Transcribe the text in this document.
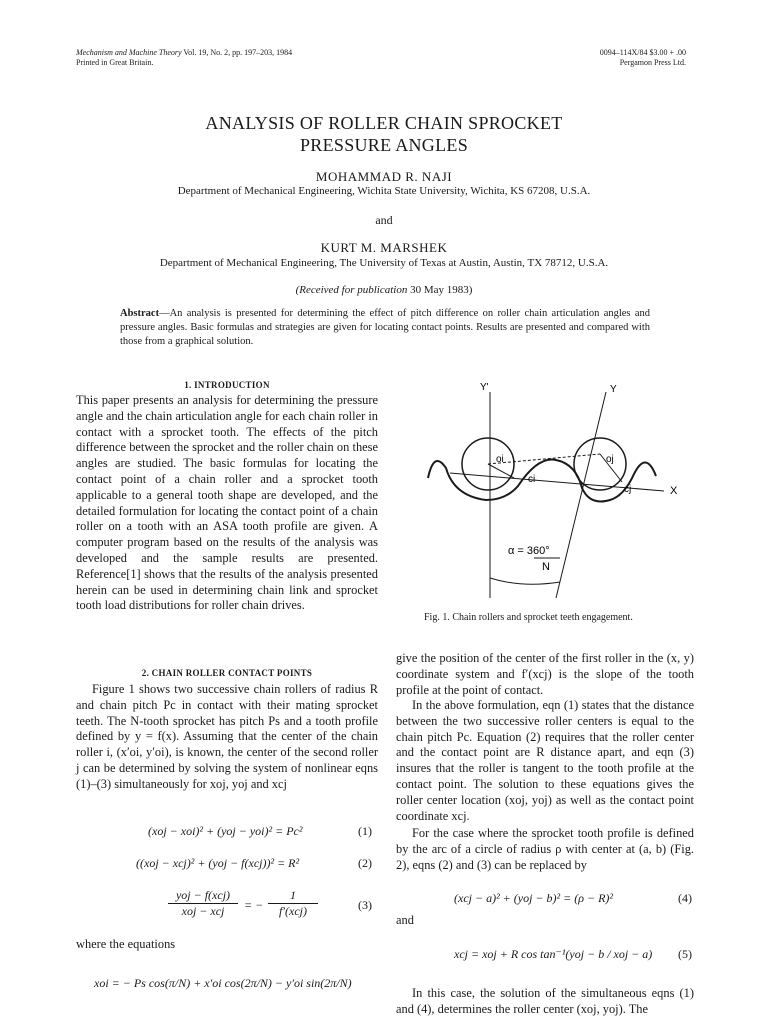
Mechanism and Machine Theory Vol. 19, No. 2, pp. 197–203, 1984
Printed in Great Britain.
0094–114X/84 $3.00 + .00
Pergamon Press Ltd.
ANALYSIS OF ROLLER CHAIN SPROCKET
PRESSURE ANGLES
MOHAMMAD R. NAJI
Department of Mechanical Engineering, Wichita State University, Wichita, KS 67208, U.S.A.
and
KURT M. MARSHEK
Department of Mechanical Engineering, The University of Texas at Austin, Austin, TX 78712, U.S.A.
(Received for publication 30 May 1983)
Abstract—An analysis is presented for determining the effect of pitch difference on roller chain articulation angles and pressure angles. Basic formulas and strategies are given for locating contact points. Results are presented and compared with those from a graphical solution.
1. INTRODUCTION
This paper presents an analysis for determining the pressure angle and the chain articulation angle for each chain roller in contact with a sprocket tooth. The effects of the pitch difference between the sprocket and the roller chain on these angles are studied. The basic formulas for locating the contact point of a chain roller and a sprocket tooth applicable to a general tooth shape are developed, and the detailed formulation for locating the contact point of a chain roller on a tooth with an ASA tooth profile are given. A computer program based on the results of the analysis was developed and the sample results are presented. Reference[1] shows that the results of the analysis presented herein can be used in determining chain link and sprocket tooth load distributions for roller chain drives.
2. CHAIN ROLLER CONTACT POINTS
Figure 1 shows two successive chain rollers of radius R and chain pitch Pc in contact with their mating sprocket teeth. The N-tooth sprocket has pitch Ps and a tooth profile defined by y = f(x). Assuming that the center of the chain roller i, (x′oi, y′oi), is known, the center of the second roller j can be determined by solving the system of nonlinear eqns (1)–(3) simultaneously for xoj, yoj and xcj
(xoj − xoi)² + (yoj − yoi)² = Pc²	(1)
((xoj − xcj)² + (yoj − f(xcj))² = R²	(2)
yoj − f(xcj)
xoj − xcj	= −
1
f′(xcj)	(3)
where the equations
xoi = − Ps cos(π/N) + x′oi cos(2π/N) − y′oi sin(2π/N)
Y'	Y
X
oi	oj
ci
cj
α = 360°
N
Fig. 1. Chain rollers and sprocket teeth engagement.
give the position of the center of the first roller in the (x, y) coordinate system and f′(xcj) is the slope of the tooth profile at the point of contact.
In the above formulation, eqn (1) states that the distance between the two successive roller centers is equal to the chain pitch Pc. Equation (2) requires that the roller center and the contact point are R distance apart, and eqn (3) insures that the roller is tangent to the tooth profile at the contact point. The solution to these equations gives the roller center location (xoj, yoj) as well as the contact point coordinate xcj.
For the case where the sprocket tooth profile is defined by the arc of a circle of radius ρ with center at (a, b) (Fig. 2), eqns (2) and (3) can be replaced by
(xcj − a)² + (yoj − b)² = (ρ − R)²	(4)
and
xcj = xoj + R cos tan⁻¹(yoj − b / xoj − a) (5)
In this case, the solution of the simultaneous eqns (1) and (4), determines the roller center (xoj, yoj). The
